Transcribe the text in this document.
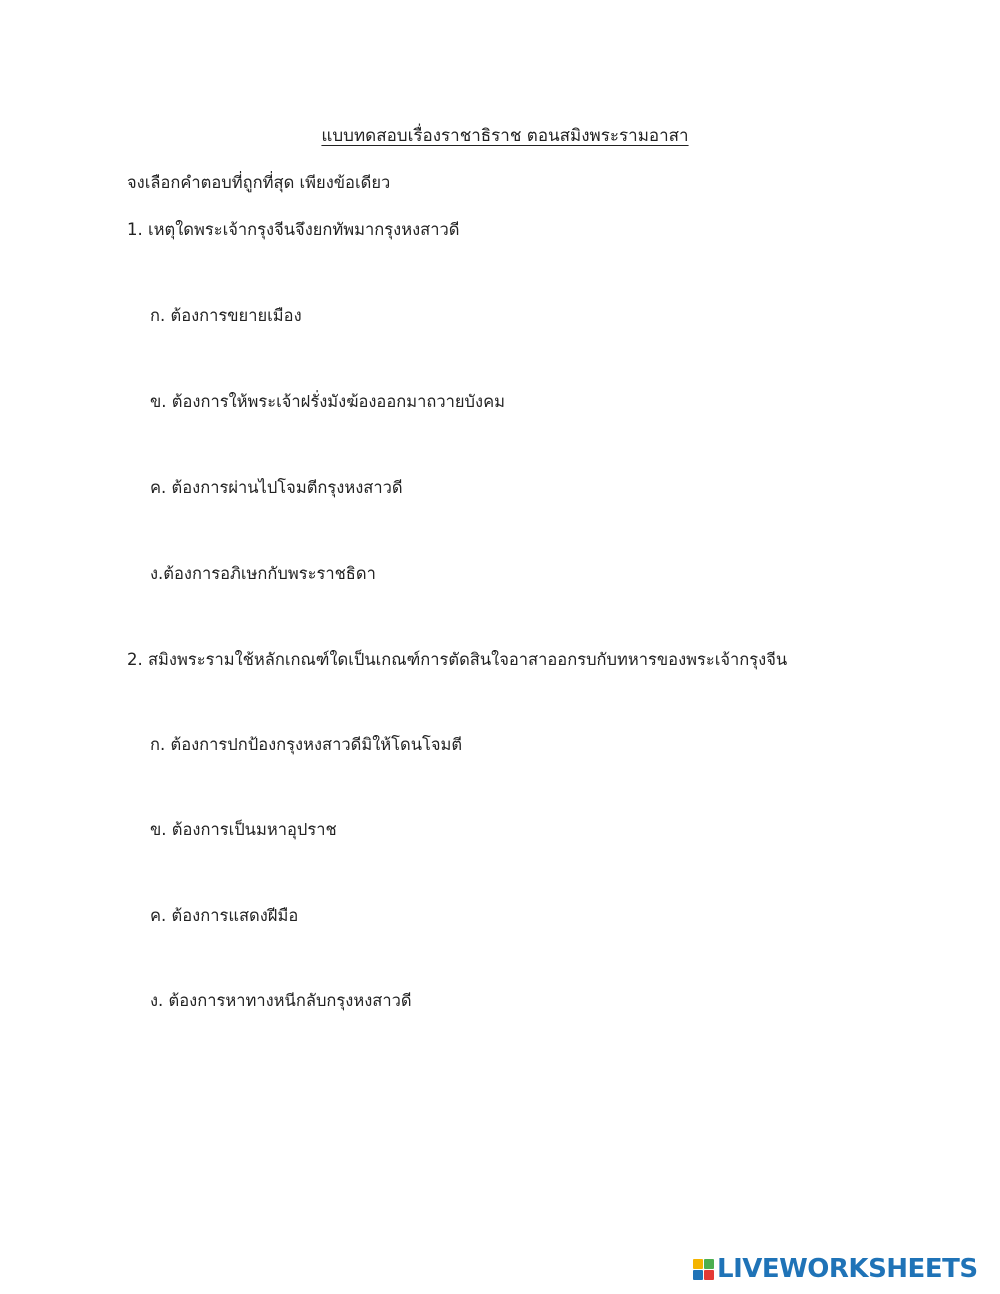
แบบทดสอบเรื่องราชาธิราช ตอนสมิงพระรามอาสา
จงเลือกคำตอบที่ถูกที่สุด เพียงข้อเดียว
1. เหตุใดพระเจ้ากรุงจีนจึงยกทัพมากรุงหงสาวดี
ก. ต้องการขยายเมือง
ข. ต้องการให้พระเจ้าฝรั่งมังฆ้องออกมาถวายบังคม
ค. ต้องการผ่านไปโจมตีกรุงหงสาวดี
ง.ต้องการอภิเษกกับพระราชธิดา
2. สมิงพระรามใช้หลักเกณฑ์ใดเป็นเกณฑ์การตัดสินใจอาสาออกรบกับทหารของพระเจ้ากรุงจีน
ก. ต้องการปกป้องกรุงหงสาวดีมิให้โดนโจมตี
ข. ต้องการเป็นมหาอุปราช
ค. ต้องการแสดงฝีมือ
ง. ต้องการหาทางหนีกลับกรุงหงสาวดี
LIVEWORKSHEETS
